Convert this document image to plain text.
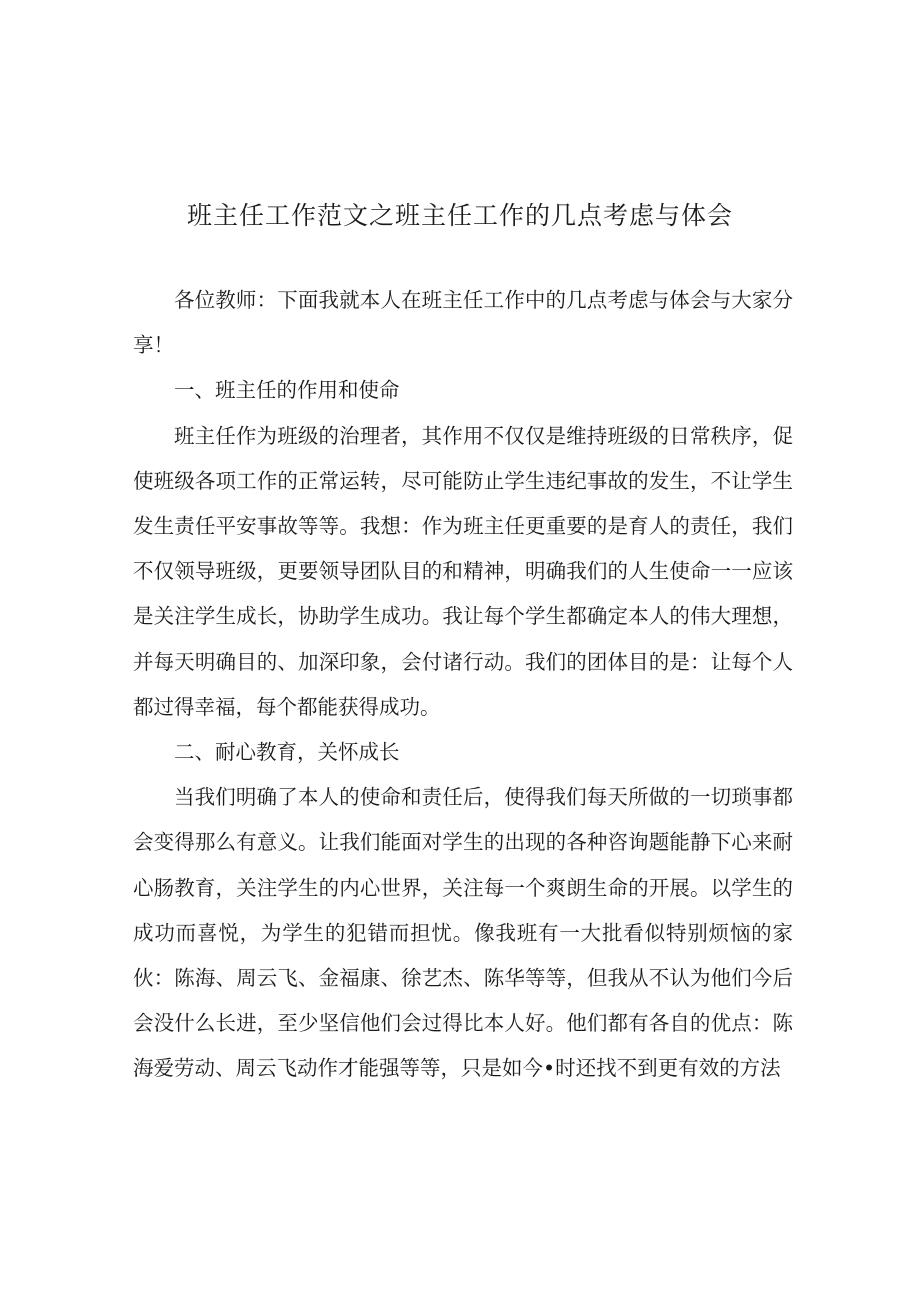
班主任工作范文之班主任工作的几点考虑与体会

各位教师：下面我就本人在班主任工作中的几点考虑与体会与大家分享！

一、班主任的作用和使命

班主任作为班级的治理者，其作用不仅仅是维持班级的日常秩序，促使班级各项工作的正常运转，尽可能防止学生违纪事故的发生，不让学生发生责任平安事故等等。我想：作为班主任更重要的是育人的责任，我们不仅领导班级，更要领导团队目的和精神，明确我们的人生使命一一应该是关注学生成长，协助学生成功。我让每个学生都确定本人的伟大理想，并每天明确目的、加深印象，会付诸行动。我们的团体目的是：让每个人都过得幸福，每个都能获得成功。

二、耐心教育，关怀成长

当我们明确了本人的使命和责任后，使得我们每天所做的一切琐事都会变得那么有意义。让我们能面对学生的出现的各种咨询题能静下心来耐心肠教育，关注学生的内心世界，关注每一个爽朗生命的开展。以学生的成功而喜悦，为学生的犯错而担忧。像我班有一大批看似特别烦恼的家伙：陈海、周云飞、金福康、徐艺杰、陈华等等，但我从不认为他们今后会没什么长进，至少坚信他们会过得比本人好。他们都有各自的优点：陈海爱劳动、周云飞动作才能强等等，只是如今•时还找不到更有效的方法
